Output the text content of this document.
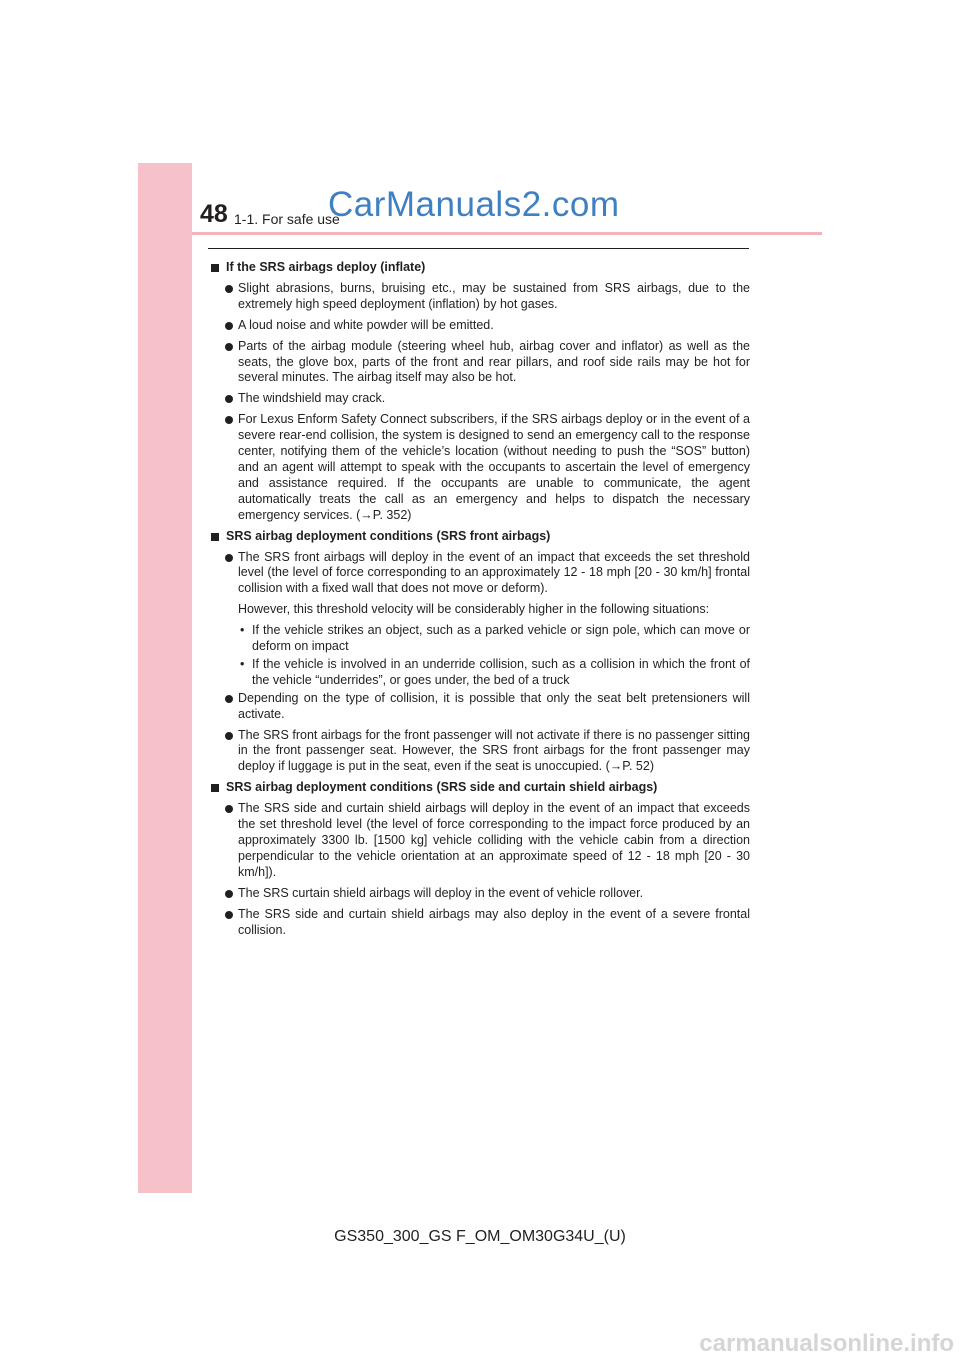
48 1-1. For safe use
CarManuals2.com
If the SRS airbags deploy (inflate)
Slight abrasions, burns, bruising etc., may be sustained from SRS airbags, due to the extremely high speed deployment (inflation) by hot gases.
A loud noise and white powder will be emitted.
Parts of the airbag module (steering wheel hub, airbag cover and inflator) as well as the seats, the glove box, parts of the front and rear pillars, and roof side rails may be hot for several minutes. The airbag itself may also be hot.
The windshield may crack.
For Lexus Enform Safety Connect subscribers, if the SRS airbags deploy or in the event of a severe rear-end collision, the system is designed to send an emergency call to the response center, notifying them of the vehicle’s location (without needing to push the “SOS” button) and an agent will attempt to speak with the occupants to ascertain the level of emergency and assistance required. If the occupants are unable to communicate, the agent automatically treats the call as an emergency and helps to dispatch the necessary emergency services. (→P. 352)
SRS airbag deployment conditions (SRS front airbags)
The SRS front airbags will deploy in the event of an impact that exceeds the set threshold level (the level of force corresponding to an approximately 12 - 18 mph [20 - 30 km/h] frontal collision with a fixed wall that does not move or deform).
However, this threshold velocity will be considerably higher in the following situations:
• If the vehicle strikes an object, such as a parked vehicle or sign pole, which can move or deform on impact
• If the vehicle is involved in an underride collision, such as a collision in which the front of the vehicle “underrides”, or goes under, the bed of a truck
Depending on the type of collision, it is possible that only the seat belt pretensioners will activate.
The SRS front airbags for the front passenger will not activate if there is no passenger sitting in the front passenger seat. However, the SRS front airbags for the front passenger may deploy if luggage is put in the seat, even if the seat is unoccupied. (→P. 52)
SRS airbag deployment conditions (SRS side and curtain shield airbags)
The SRS side and curtain shield airbags will deploy in the event of an impact that exceeds the set threshold level (the level of force corresponding to the impact force produced by an approximately 3300 lb. [1500 kg] vehicle colliding with the vehicle cabin from a direction perpendicular to the vehicle orientation at an approximate speed of 12 - 18 mph [20 - 30 km/h]).
The SRS curtain shield airbags will deploy in the event of vehicle rollover.
The SRS side and curtain shield airbags may also deploy in the event of a severe frontal collision.
GS350_300_GS F_OM_OM30G34U_(U)
carmanualsonline.info
